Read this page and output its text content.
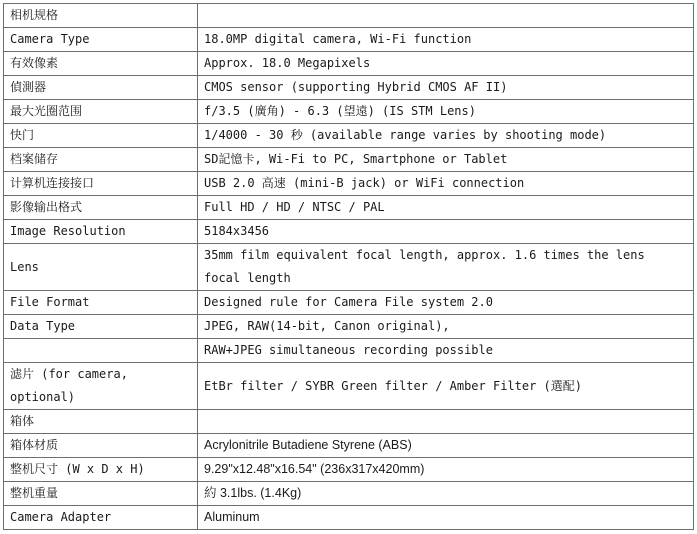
相机规格	
Camera Type	18.0MP digital camera, Wi-Fi function
有效像素	Approx. 18.0 Megapixels
偵測器	CMOS sensor (supporting Hybrid CMOS AF II)
最大光圈范围	f/3.5 (廣角) - 6.3 (望遠) (IS STM Lens)
快门	1/4000 - 30 秒 (available range varies by shooting mode)
档案储存	SD記憶卡, Wi-Fi to PC, Smartphone or Tablet
计算机连接接口	USB 2.0 高速 (mini-B jack) or WiFi connection
影像输出格式	Full HD / HD / NTSC / PAL
Image Resolution	5184x3456
Lens	35mm film equivalent focal length, approx. 1.6 times the lens focal length
File Format	Designed rule for Camera File system 2.0
Data Type	JPEG, RAW(14-bit, Canon original),
	RAW+JPEG simultaneous recording possible
滤片 (for camera, optional)	EtBr filter / SYBR Green filter / Amber Filter (選配)
箱体	
箱体材质	Acrylonitrile Butadiene Styrene (ABS)
整机尺寸 (W x D x H)	9.29"x12.48"x16.54" (236x317x420mm)
整机重量	約 3.1lbs. (1.4Kg)
Camera Adapter	Aluminum
